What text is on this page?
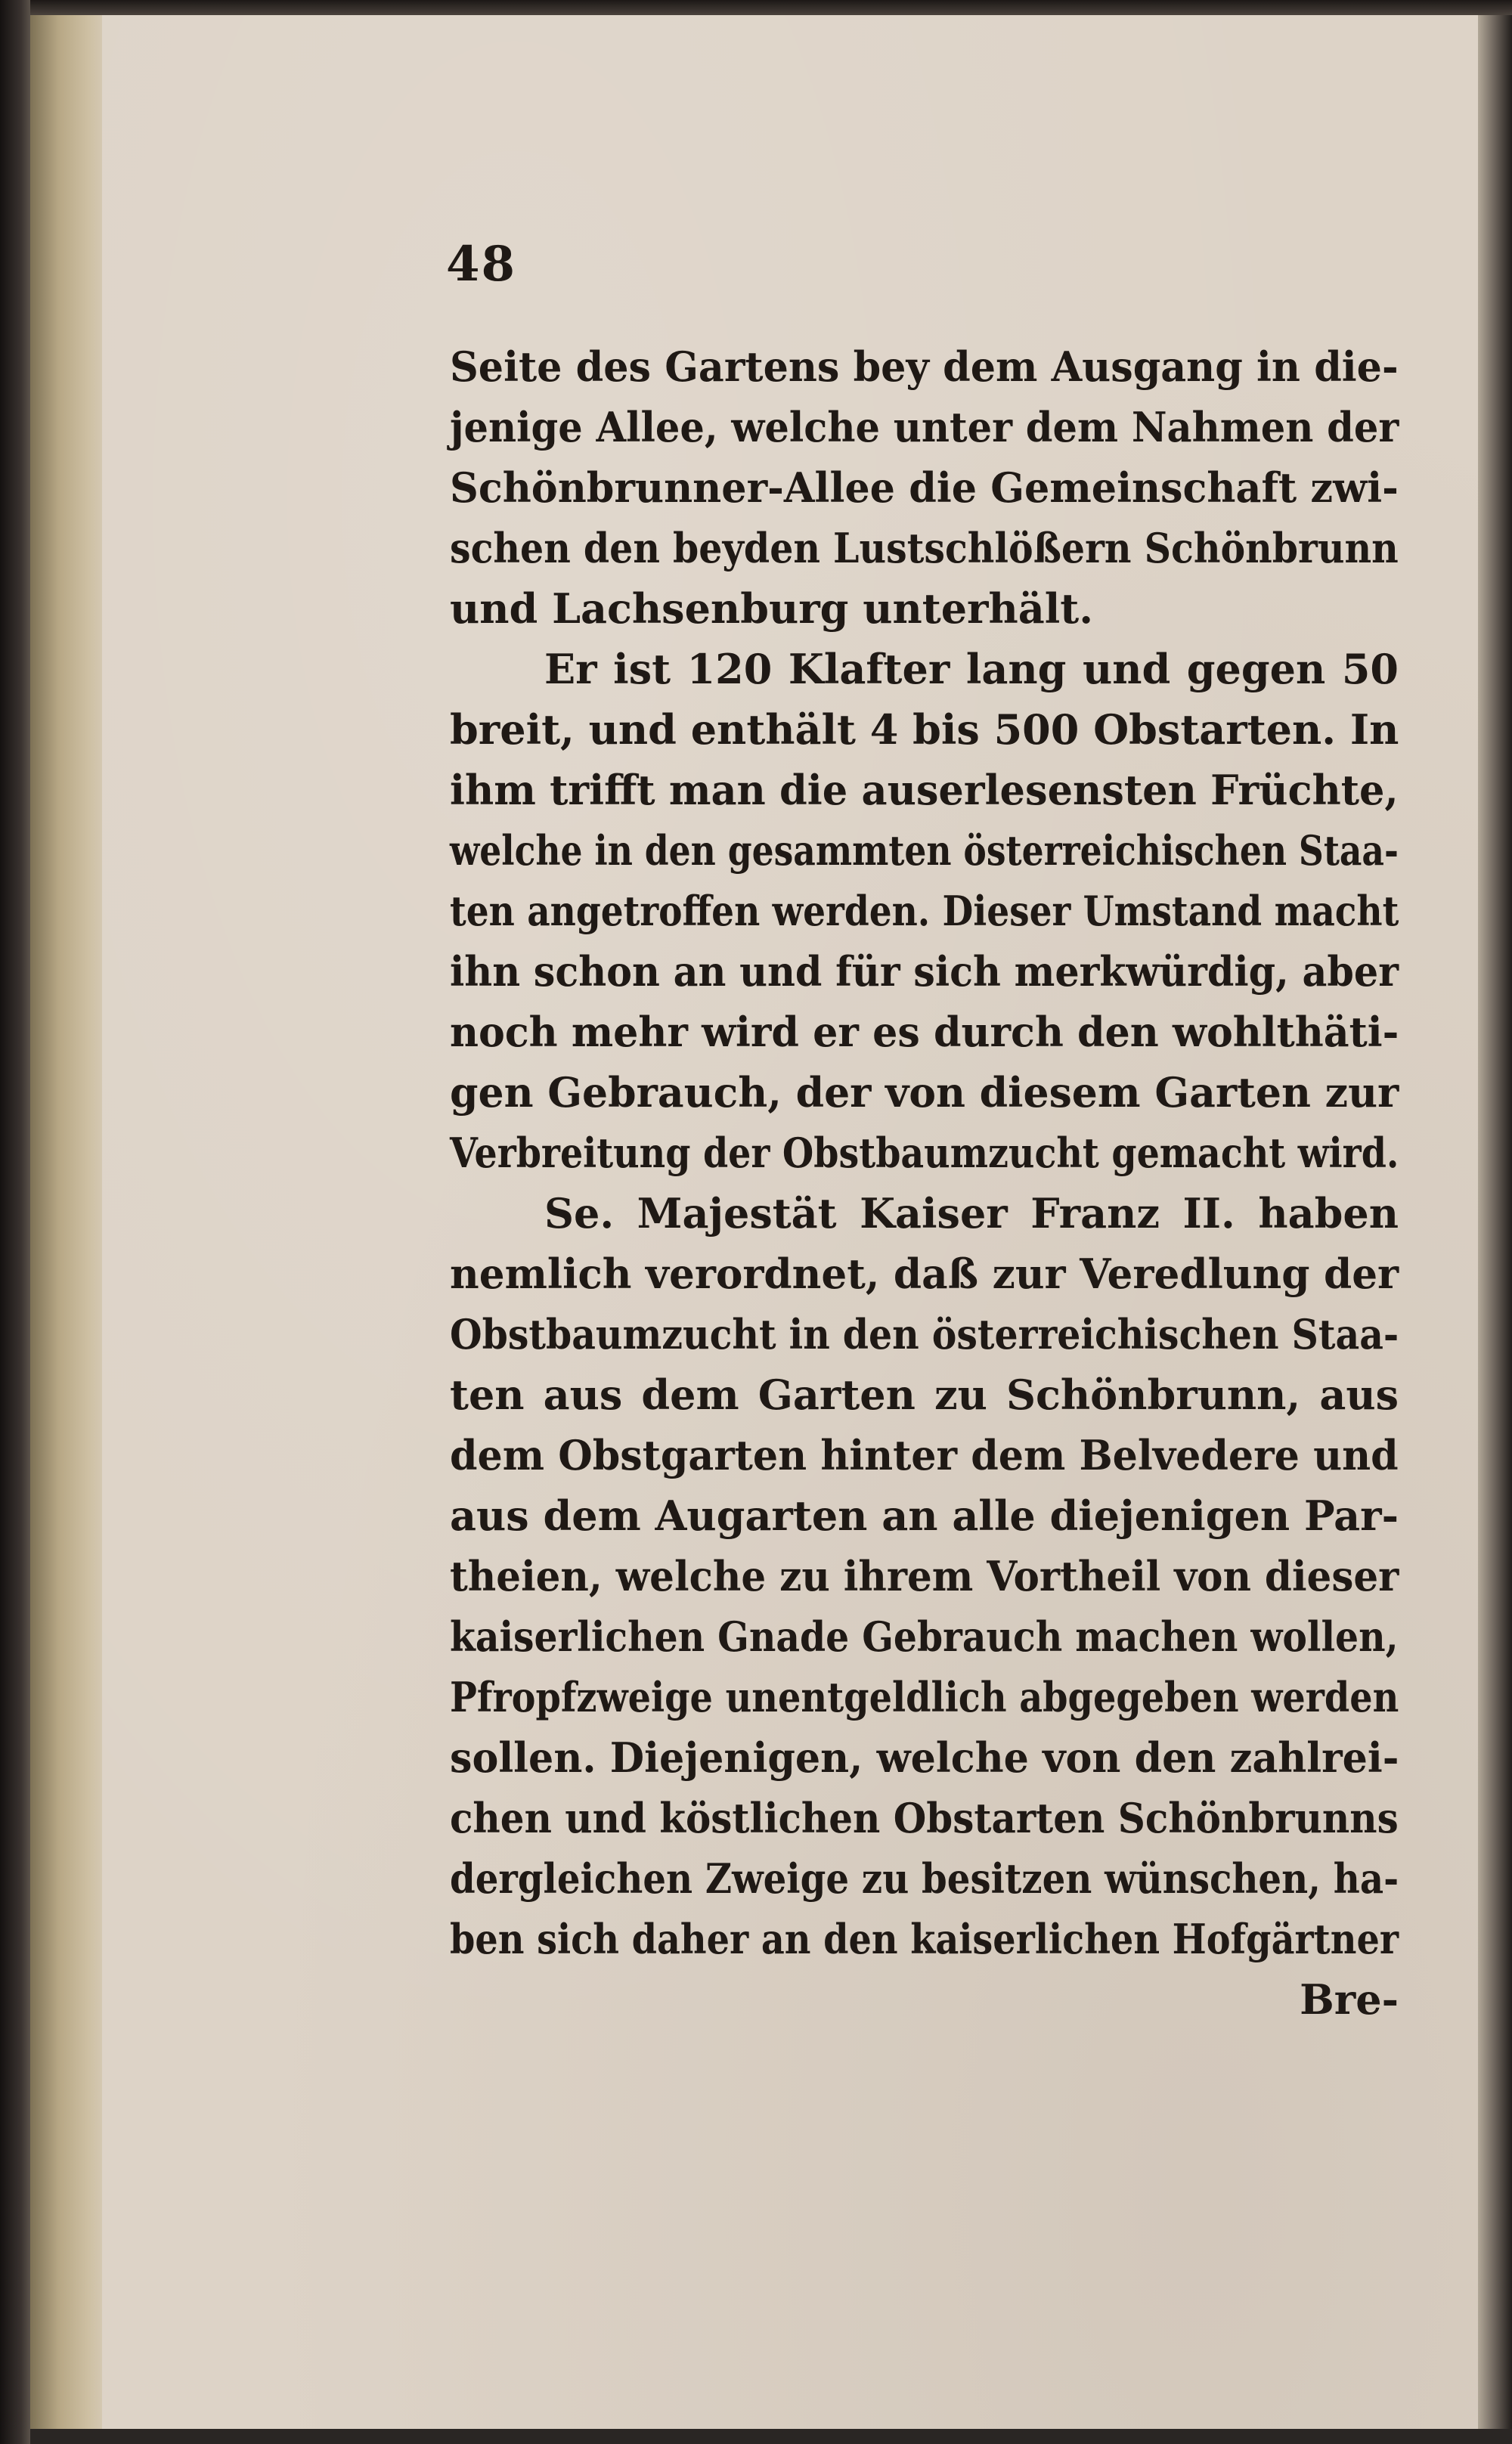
48
Seite des Gartens bey dem Ausgang in die-
jenige Allee, welche unter dem Nahmen der
Schönbrunner-Allee die Gemeinschaft zwi-
schen den beyden Lustschlößern Schönbrunn
und Lachsenburg unterhält.
Er ist 120 Klafter lang und gegen 50
breit, und enthält 4 bis 500 Obstarten. In
ihm trifft man die auserlesensten Früchte,
welche in den gesammten österreichischen Staa-
ten angetroffen werden. Dieser Umstand macht
ihn schon an und für sich merkwürdig, aber
noch mehr wird er es durch den wohlthäti-
gen Gebrauch, der von diesem Garten zur
Verbreitung der Obstbaumzucht gemacht wird.
Se. Majestät Kaiser Franz II. haben
nemlich verordnet, daß zur Veredlung der
Obstbaumzucht in den österreichischen Staa-
ten aus dem Garten zu Schönbrunn, aus
dem Obstgarten hinter dem Belvedere und
aus dem Augarten an alle diejenigen Par-
theien, welche zu ihrem Vortheil von dieser
kaiserlichen Gnade Gebrauch machen wollen,
Pfropfzweige unentgeldlich abgegeben werden
sollen. Diejenigen, welche von den zahlrei-
chen und köstlichen Obstarten Schönbrunns
dergleichen Zweige zu besitzen wünschen, ha-
ben sich daher an den kaiserlichen Hofgärtner
Bre-
